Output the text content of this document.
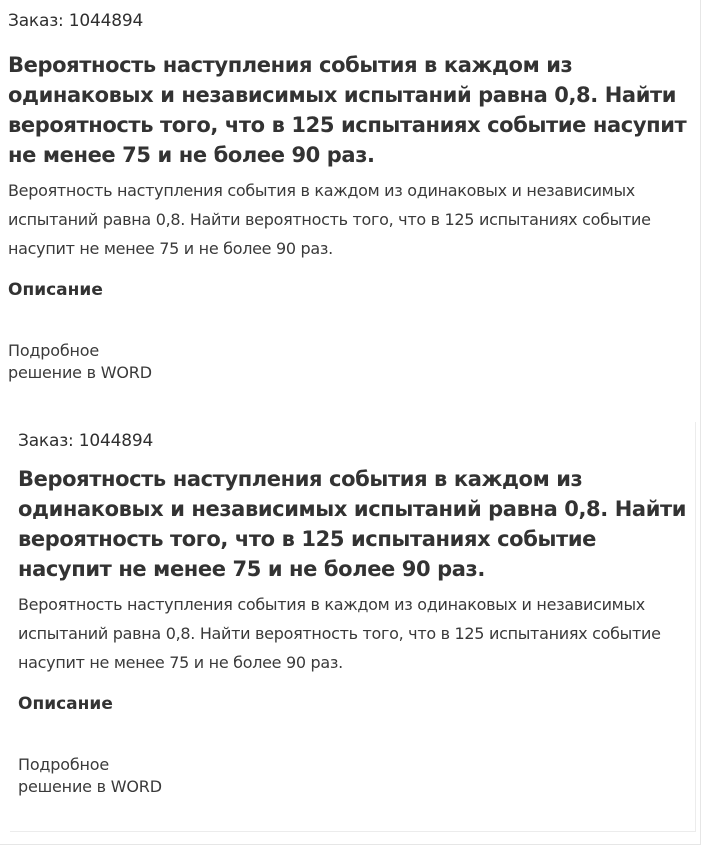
Заказ: 1044894
Вероятность наступления события в каждом из одинаковых и независимых испытаний равна 0,8. Найти вероятность того, что в 125 испытаниях событие насупит не менее 75 и не более 90 раз.
Вероятность наступления события в каждом из одинаковых и независимых испытаний равна 0,8. Найти вероятность того, что в 125 испытаниях событие насупит не менее 75 и не более 90 раз.
Описание
Подробное
решение в WORD
Заказ: 1044894
Вероятность наступления события в каждом из одинаковых и независимых испытаний равна 0,8. Найти вероятность того, что в 125 испытаниях событие насупит не менее 75 и не более 90 раз.
Вероятность наступления события в каждом из одинаковых и независимых испытаний равна 0,8. Найти вероятность того, что в 125 испытаниях событие насупит не менее 75 и не более 90 раз.
Описание
Подробное
решение в WORD
